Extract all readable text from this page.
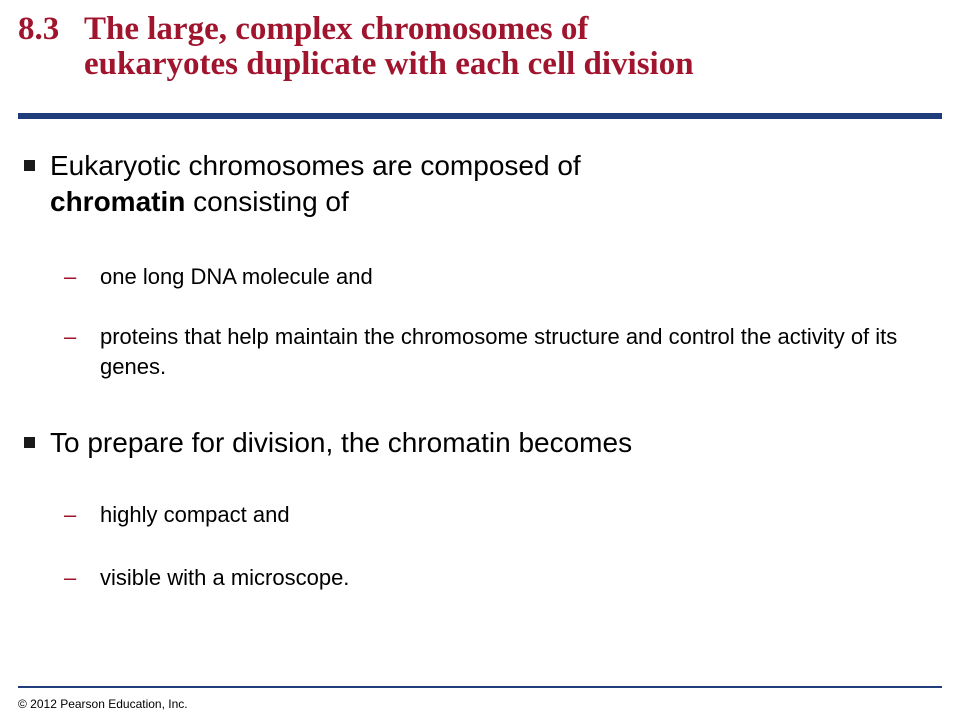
8.3 The large, complex chromosomes of
eukaryotes duplicate with each cell division
Eukaryotic chromosomes are composed of
chromatin consisting of
–	one long DNA molecule and
–	proteins that help maintain the chromosome structure and control the activity of its genes.
To prepare for division, the chromatin becomes
–	highly compact and
–	visible with a microscope.
© 2012 Pearson Education, Inc.
